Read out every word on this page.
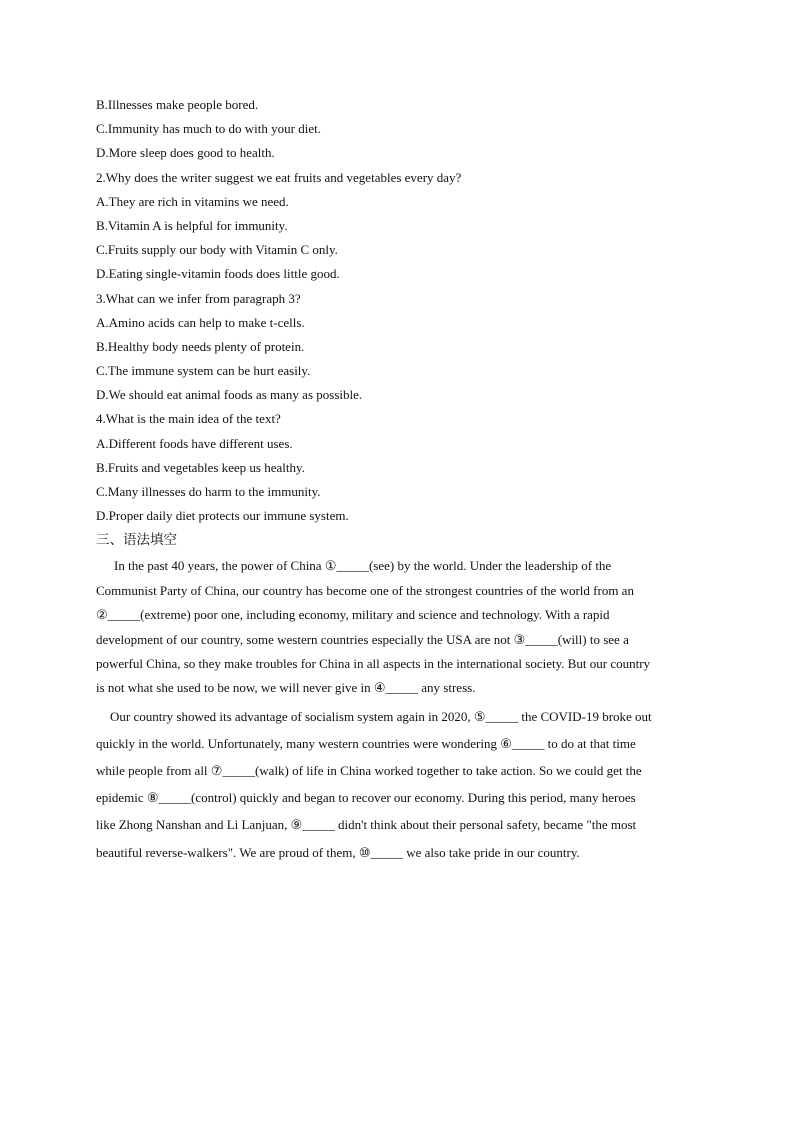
B.Illnesses make people bored.
C.Immunity has much to do with your diet.
D.More sleep does good to health.
2.Why does the writer suggest we eat fruits and vegetables every day?
A.They are rich in vitamins we need.
B.Vitamin A is helpful for immunity.
C.Fruits supply our body with Vitamin C only.
D.Eating single-vitamin foods does little good.
3.What can we infer from paragraph 3?
A.Amino acids can help to make t-cells.
B.Healthy body needs plenty of protein.
C.The immune system can be hurt easily.
D.We should eat animal foods as many as possible.
4.What is the main idea of the text?
A.Different foods have different uses.
B.Fruits and vegetables keep us healthy.
C.Many illnesses do harm to the immunity.
D.Proper daily diet protects our immune system.
三、语法填空
In the past 40 years, the power of China ①_____(see) by the world. Under the leadership of the
Communist Party of China, our country has become one of the strongest countries of the world from an
②_____(extreme) poor one, including economy, military and science and technology. With a rapid
development of our country, some western countries especially the USA are not ③_____(will) to see a
powerful China, so they make troubles for China in all aspects in the international society. But our country
is not what she used to be now, we will never give in ④_____ any stress.
Our country showed its advantage of socialism system again in 2020, ⑤_____ the COVID-19 broke out
quickly in the world. Unfortunately, many western countries were wondering ⑥_____ to do at that time
while people from all ⑦_____(walk) of life in China worked together to take action. So we could get the
epidemic ⑧_____(control) quickly and began to recover our economy. During this period, many heroes
like Zhong Nanshan and Li Lanjuan, ⑨_____ didn't think about their personal safety, became "the most
beautiful reverse-walkers". We are proud of them, ⑩_____ we also take pride in our country.
